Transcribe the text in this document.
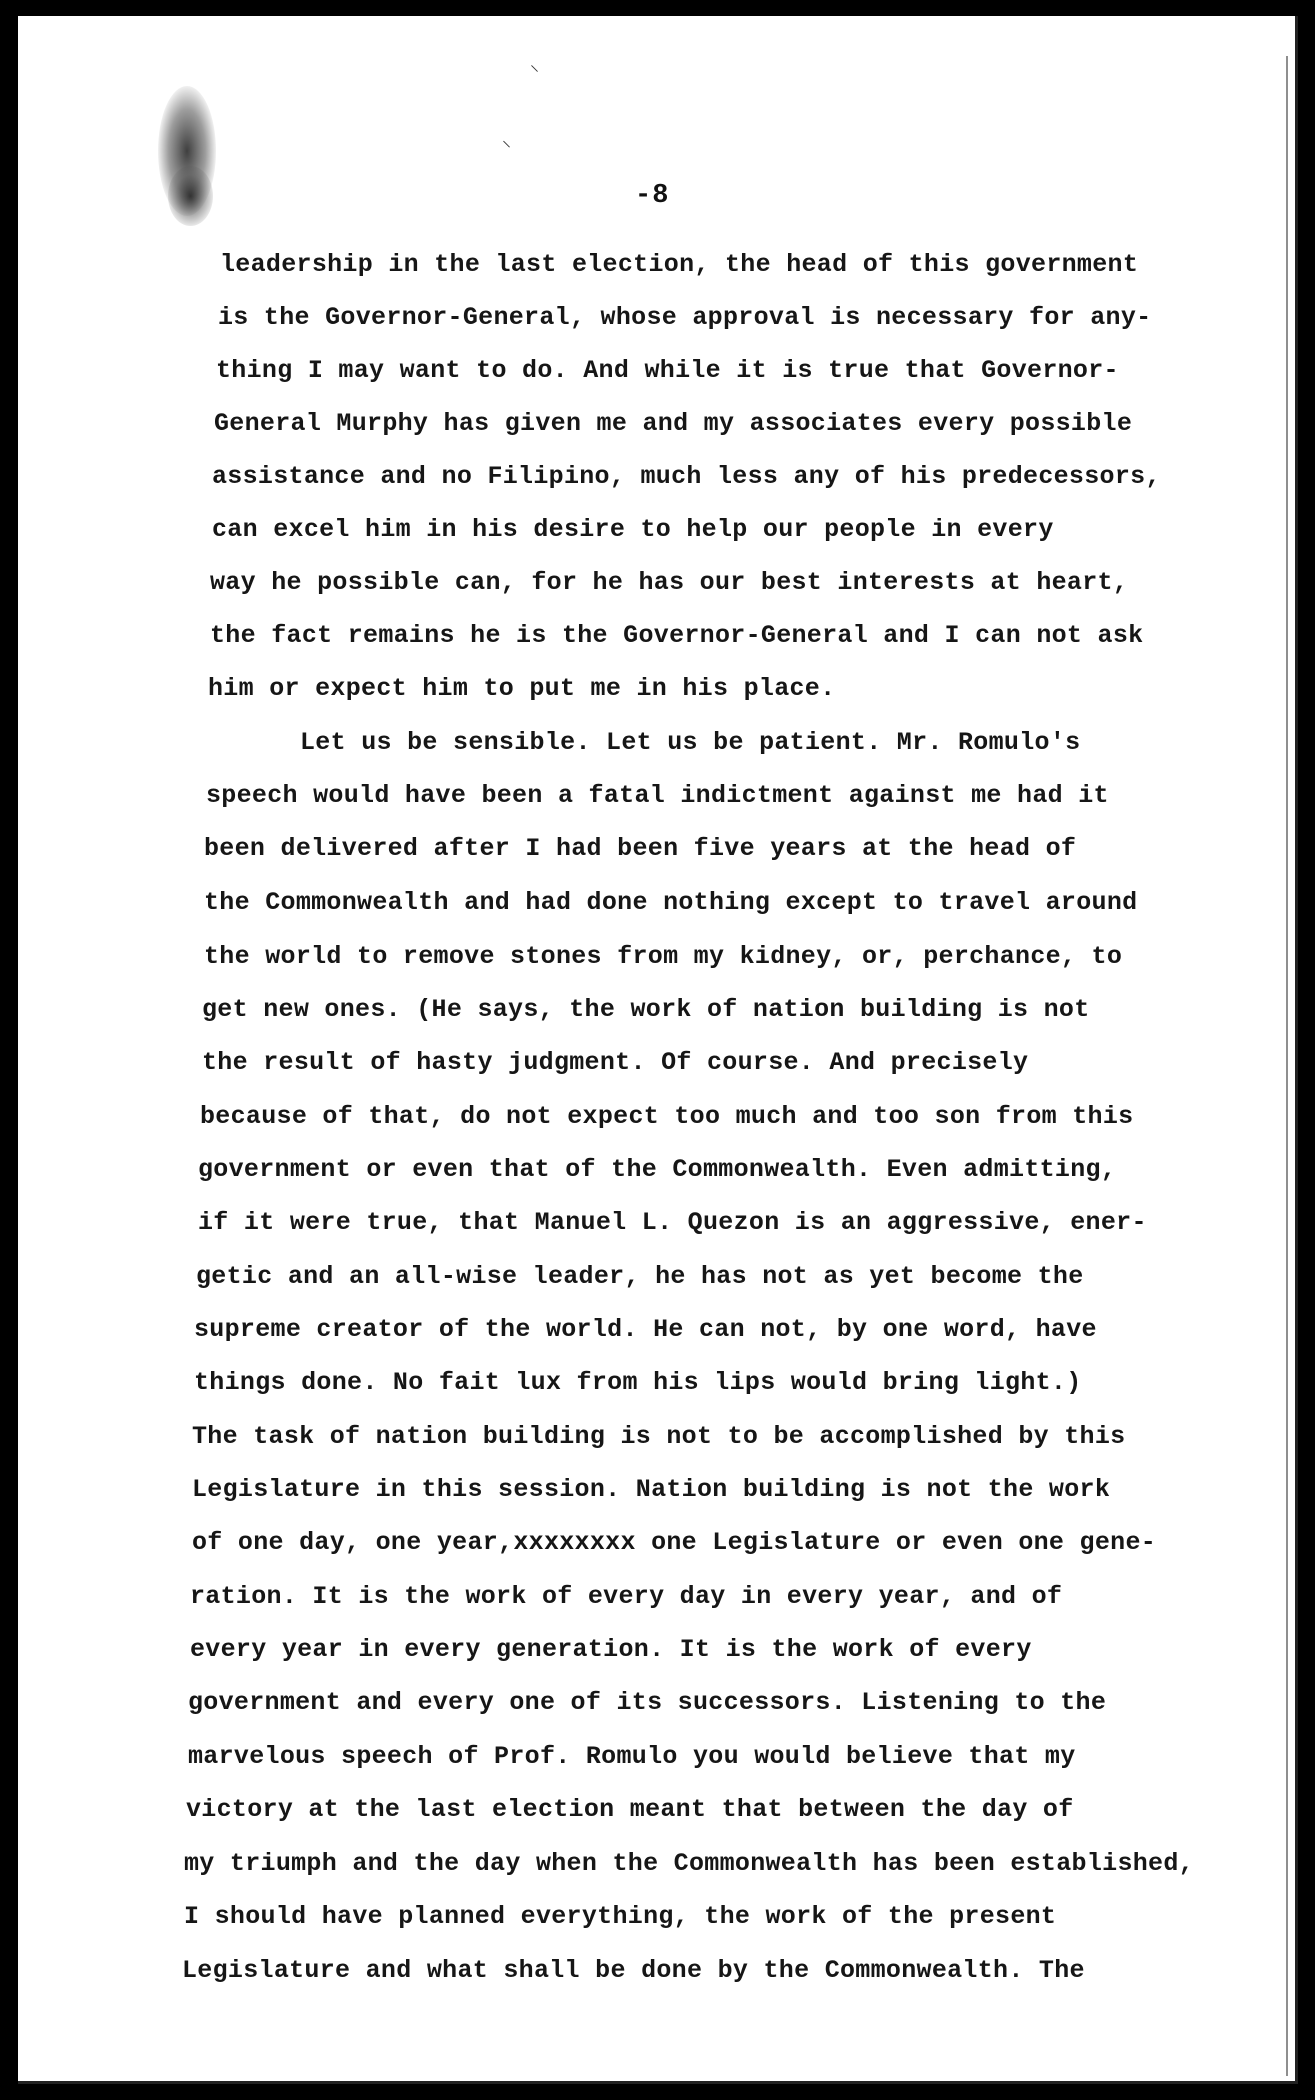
⸌
⸜
-8
leadership in the last election, the head of this government
is the Governor-General, whose approval is necessary for any-
thing I may want to do. And while it is true that Governor-
General Murphy has given me and my associates every possible
assistance and no Filipino, much less any of his predecessors,
can excel him in his desire to help our people in every
way he possible can, for he has our best interests at heart,
the fact remains he is the Governor-General and I can not ask
him or expect him to put me in his place.
Let us be sensible. Let us be patient. Mr. Romulo's
speech would have been a fatal indictment against me had it
been delivered after I had been five years at the head of
the Commonwealth and had done nothing except to travel around
the world to remove stones from my kidney, or, perchance, to
get new ones. (He says, the work of nation building is not
the result of hasty judgment. Of course. And precisely
because of that, do not expect too much and too son from this
government or even that of the Commonwealth. Even admitting,
if it were true, that Manuel L. Quezon is an aggressive, ener-
getic and an all-wise leader, he has not as yet become the
supreme creator of the world. He can not, by one word, have
things done. No fait lux from his lips would bring light.)
The task of nation building is not to be accomplished by this
Legislature in this session. Nation building is not the work
of one day, one year,xxxxxxxx one Legislature or even one gene-
ration. It is the work of every day in every year, and of
every year in every generation. It is the work of every
government and every one of its successors. Listening to the
marvelous speech of Prof. Romulo you would believe that my
victory at the last election meant that between the day of
my triumph and the day when the Commonwealth has been established,
I should have planned everything, the work of the present
Legislature and what shall be done by the Commonwealth. The
